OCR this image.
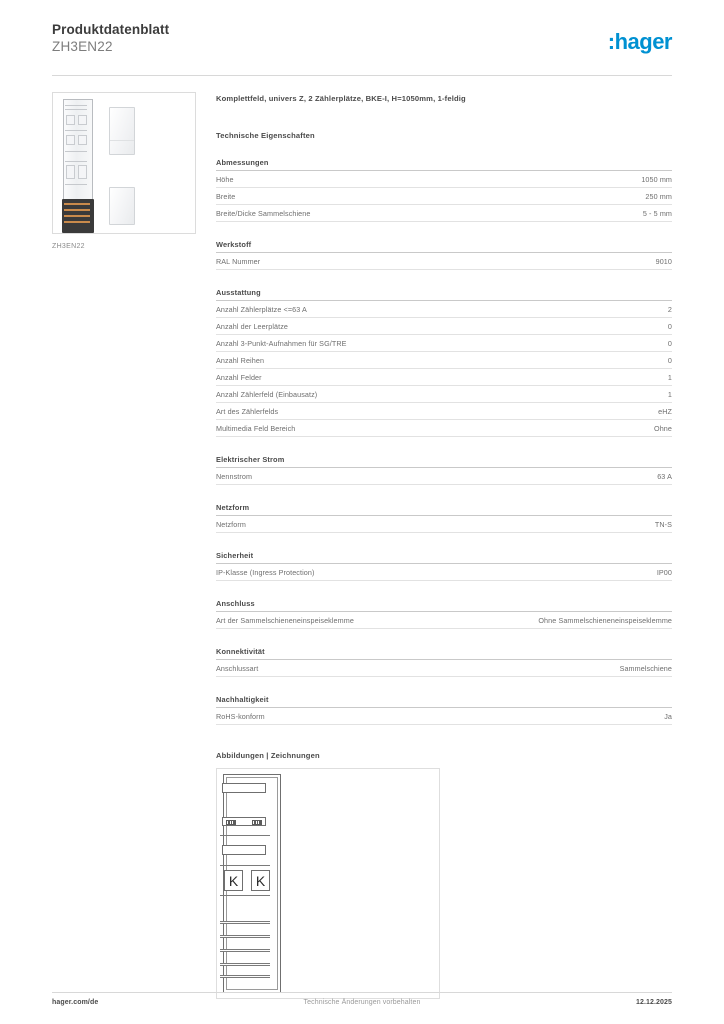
Produktdatenblatt
ZH3EN22	:hager
ZH3EN22
Komplettfeld, univers Z, 2 Zählerplätze, BKE-I, H=1050mm, 1-feldig
Technische Eigenschaften
Abmessungen
Höhe	1050 mm
Breite	250 mm
Breite/Dicke Sammelschiene	5 - 5 mm
Werkstoff
RAL Nummer	9010
Ausstattung
Anzahl Zählerplätze <=63 A	2
Anzahl der Leerplätze	0
Anzahl 3-Punkt-Aufnahmen für SG/TRE	0
Anzahl Reihen	0
Anzahl Felder	1
Anzahl Zählerfeld (Einbausatz)	1
Art des Zählerfelds	eHZ
Multimedia Feld Bereich	Ohne
Elektrischer Strom
Nennstrom	63 A
Netzform
Netzform	TN-S
Sicherheit
IP-Klasse (Ingress Protection)	IP00
Anschluss
Art der Sammelschieneneinspeiseklemme	Ohne Sammelschieneneinspeiseklemme
Konnektivität
Anschlussart	Sammelschiene
Nachhaltigkeit
RoHS-konform	Ja
Abbildungen | Zeichnungen
K	K
hager.com/de	Technische Änderungen vorbehalten	12.12.2025
